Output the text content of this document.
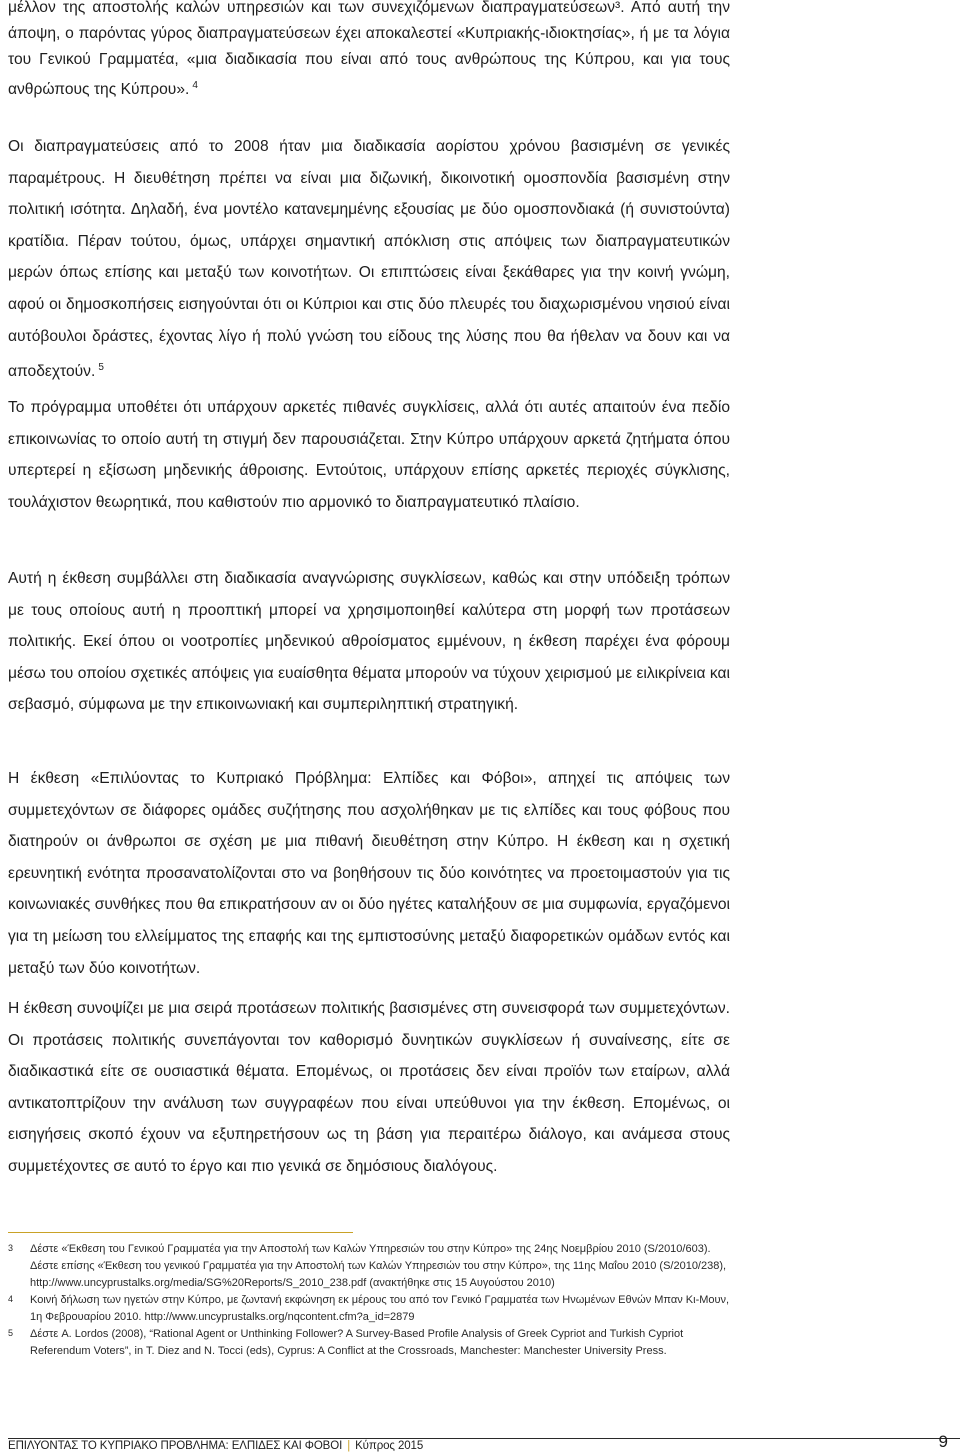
μέλλον της αποστολής καλών υπηρεσιών και των συνεχιζόμενων διαπραγματεύσεων³. Από αυτή την άποψη, ο παρόντας γύρος διαπραγματεύσεων έχει αποκαλεστεί «Κυπριακής-ιδιοκτησίας», ή με τα λόγια του Γενικού Γραμματέα, «μια διαδικασία που είναι από τους ανθρώπους της Κύπρου, και για τους ανθρώπους της Κύπρου». $^4$

Οι διαπραγματεύσεις από το 2008 ήταν μια διαδικασία αορίστου χρόνου βασισμένη σε γενικές παραμέτρους. Η διευθέτηση πρέπει να είναι μια διζωνική, δικοινοτική ομοσπονδία βασισμένη στην πολιτική ισότητα. Δηλαδή, ένα μοντέλο κατανεμημένης εξουσίας με δύο ομοσπονδιακά (ή συνιστούντα) κρατίδια. Πέραν τούτου, όμως, υπάρχει σημαντική απόκλιση στις απόψεις των διαπραγματευτικών μερών όπως επίσης και μεταξύ των κοινοτήτων. Οι επιπτώσεις είναι ξεκάθαρες για την κοινή γνώμη, αφού οι δημοσκοπήσεις εισηγούνται ότι οι Κύπριοι και στις δύο πλευρές του διαχωρισμένου νησιού είναι αυτόβουλοι δράστες, έχοντας λίγο ή πολύ γνώση του είδους της λύσης που θα ήθελαν να δουν και να αποδεχτούν. $^5$

Το πρόγραμμα υποθέτει ότι υπάρχουν αρκετές πιθανές συγκλίσεις, αλλά ότι αυτές απαιτούν ένα πεδίο επικοινωνίας το οποίο αυτή τη στιγμή δεν παρουσιάζεται. Στην Κύπρο υπάρχουν αρκετά ζητήματα όπου υπερτερεί η εξίσωση μηδενικής άθροισης. Εντούτοις, υπάρχουν επίσης αρκετές περιοχές σύγκλισης, τουλάχιστον θεωρητικά, που καθιστούν πιο αρμονικό το διαπραγματευτικό πλαίσιο.

Αυτή η έκθεση συμβάλλει στη διαδικασία αναγνώρισης συγκλίσεων, καθώς και στην υπόδειξη τρόπων με τους οποίους αυτή η προοπτική μπορεί να χρησιμοποιηθεί καλύτερα στη μορφή των προτάσεων πολιτικής. Εκεί όπου οι νοοτροπίες μηδενικού αθροίσματος εμμένουν, η έκθεση παρέχει ένα φόρουμ μέσω του οποίου σχετικές απόψεις για ευαίσθητα θέματα μπορούν να τύχουν χειρισμού με ειλικρίνεια και σεβασμό, σύμφωνα με την επικοινωνιακή και συμπεριληπτική στρατηγική.

Η έκθεση «Επιλύοντας το Κυπριακό Πρόβλημα: Ελπίδες και Φόβοι», απηχεί τις απόψεις των συμμετεχόντων σε διάφορες ομάδες συζήτησης που ασχολήθηκαν με τις ελπίδες και τους φόβους που διατηρούν οι άνθρωποι σε σχέση με μια πιθανή διευθέτηση στην Κύπρο. Η έκθεση και η σχετική ερευνητική ενότητα προσανατολίζονται στο να βοηθήσουν τις δύο κοινότητες να προετοιμαστούν για τις κοινωνιακές συνθήκες που θα επικρατήσουν αν οι δύο ηγέτες καταλήξουν σε μια συμφωνία, εργαζόμενοι για τη μείωση του ελλείμματος της επαφής και της εμπιστοσύνης μεταξύ διαφορετικών ομάδων εντός και μεταξύ των δύο κοινοτήτων.

Η έκθεση συνοψίζει με μια σειρά προτάσεων πολιτικής βασισμένες στη συνεισφορά των συμμετεχόντων. Οι προτάσεις πολιτικής συνεπάγονται τον καθορισμό δυνητικών συγκλίσεων ή συναίνεσης, είτε σε διαδικαστικά είτε σε ουσιαστικά θέματα. Επομένως, οι προτάσεις δεν είναι προϊόν των εταίρων, αλλά αντικατοπτρίζουν την ανάλυση των συγγραφέων που είναι υπεύθυνοι για την έκθεση. Επομένως, οι εισηγήσεις σκοπό έχουν να εξυπηρετήσουν ως τη βάση για περαιτέρω διάλογο, και ανάμεσα στους συμμετέχοντες σε αυτό το έργο και πιο γενικά σε δημόσιους διαλόγους.

3 Δέστε «Έκθεση του Γενικού Γραμματέα για την Αποστολή των Καλών Υπηρεσιών του στην Κύπρο» της 24ης Νοεμβρίου 2010 (S/2010/603). Δέστε επίσης «Έκθεση του γενικού Γραμματέα για την Αποστολή των Καλών Υπηρεσιών του στην Κύπρο», της 11ης Μαΐου 2010 (S/2010/238), http://www.uncyprustalks.org/media/SG%20Reports/S_2010_238.pdf (ανακτήθηκε στις 15 Αυγούστου 2010)

4 Κοινή δήλωση των ηγετών στην Κύπρο, με ζωντανή εκφώνηση εκ μέρους του από τον Γενικό Γραμματέα των Ηνωμένων Εθνών Μπαν Κι-Μουν, 1η Φεβρουαρίου 2010. http://www.uncyprustalks.org/nqcontent.cfm?a_id=2879

5 Δέστε A. Lordos (2008), “Rational Agent or Unthinking Follower? A Survey-Based Profile Analysis of Greek Cypriot and Turkish Cypriot Referendum Voters”, in T. Diez and N. Tocci (eds), Cyprus: A Conflict at the Crossroads, Manchester: Manchester University Press.

ΕΠΙΛΥΟΝΤΑΣ ΤΟ ΚΥΠΡΙΑΚΟ ΠΡΟΒΛΗΜΑ: ΕΛΠΙΔΕΣ ΚΑΙ ΦΟΒΟΙ | Κύπρος 2015	9
